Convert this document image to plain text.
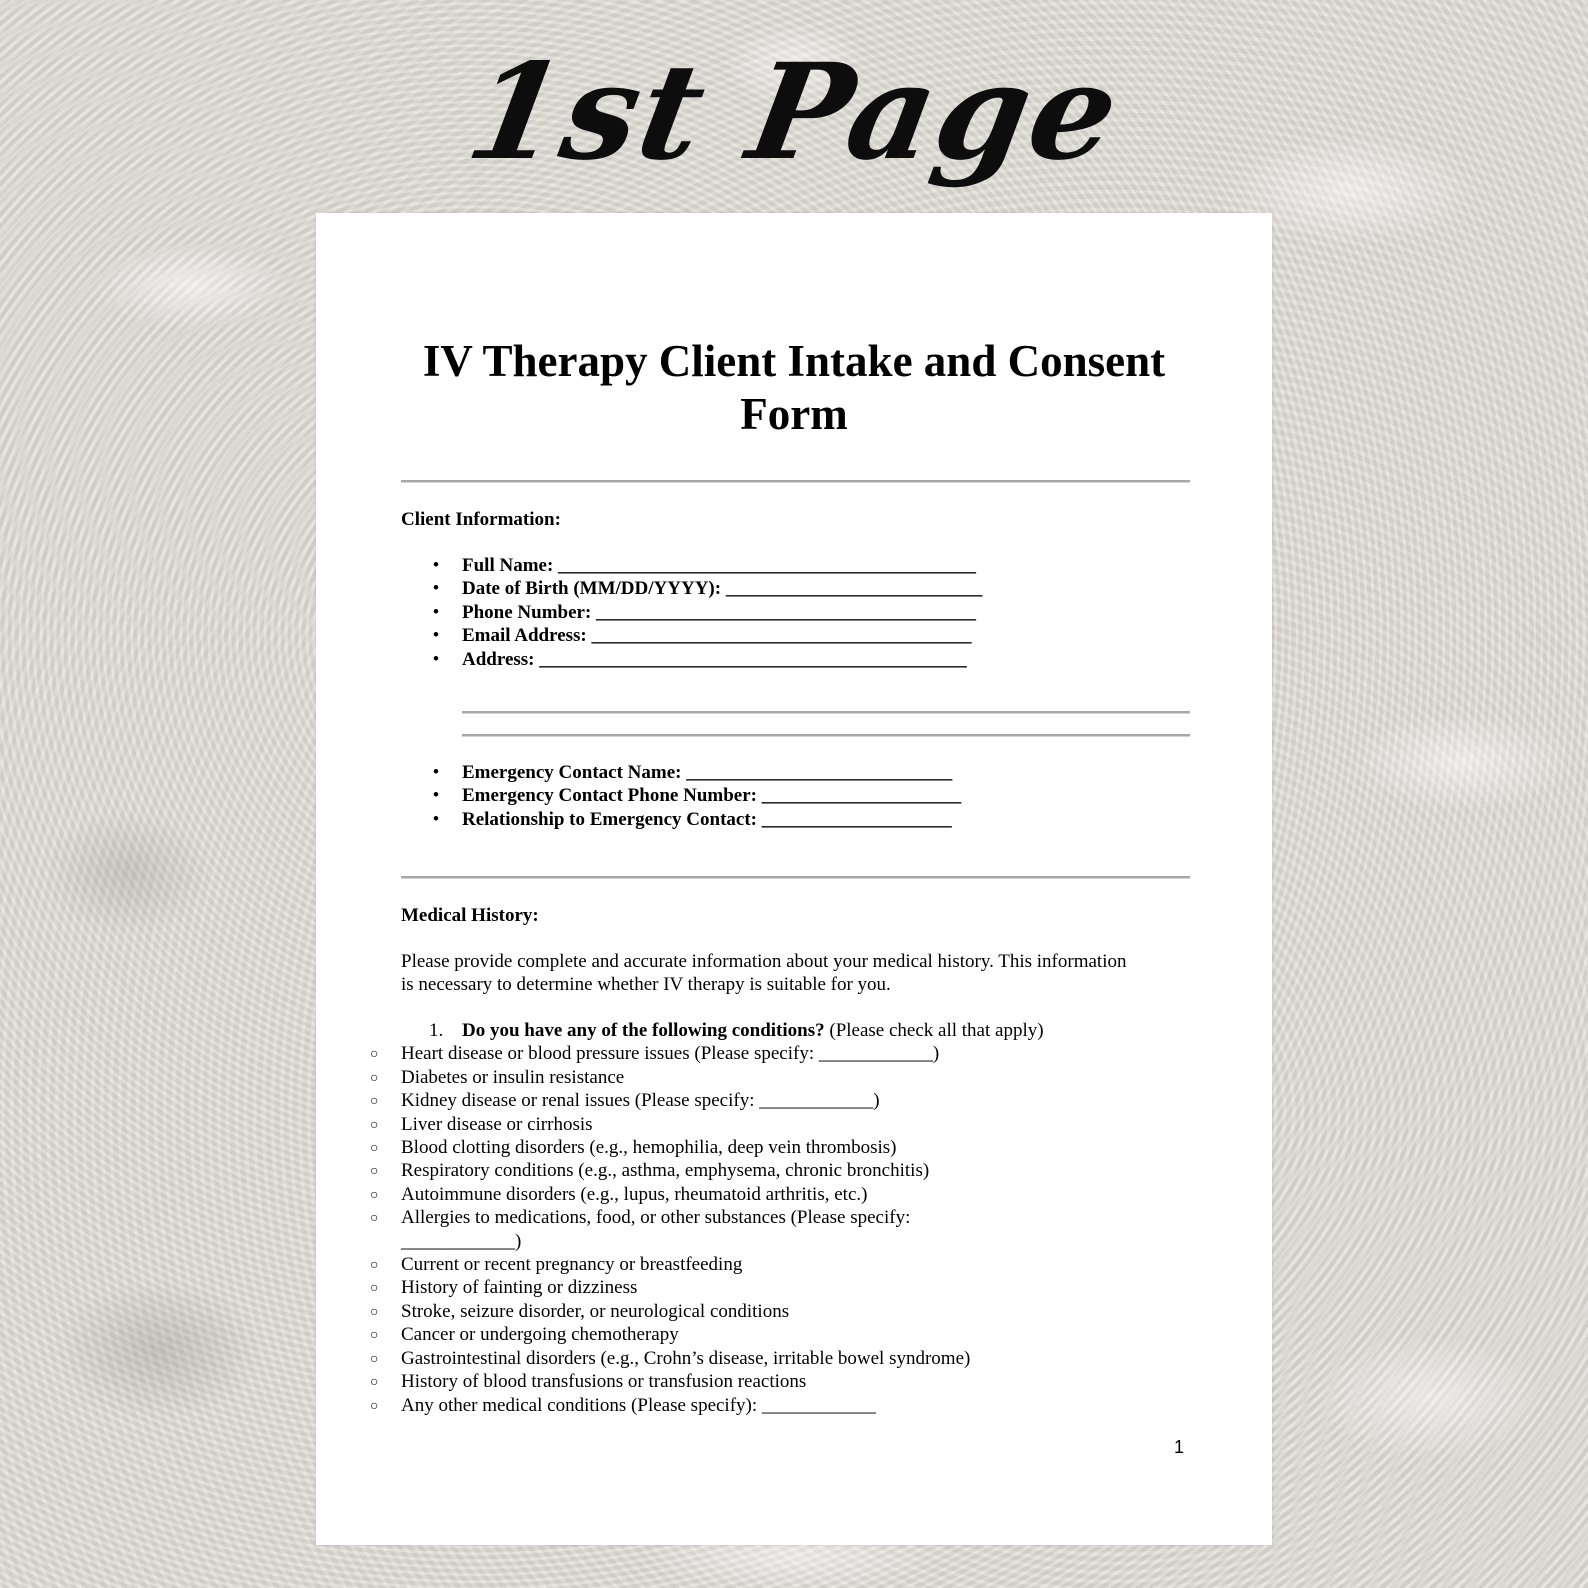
1st Page
IV Therapy Client Intake and Consent
Form
Client Information:
•	Full Name: ____________________________________________
•	Date of Birth (MM/DD/YYYY): ___________________________
•	Phone Number: ________________________________________
•	Email Address: ________________________________________
•	Address: _____________________________________________
•	Emergency Contact Name: ____________________________
•	Emergency Contact Phone Number: _____________________
•	Relationship to Emergency Contact: ____________________
Medical History:
Please provide complete and accurate information about your medical history. This information
is necessary to determine whether IV therapy is suitable for you.
1. Do you have any of the following conditions? (Please check all that apply)
○ Heart disease or blood pressure issues (Please specify: ____________)
○ Diabetes or insulin resistance
○ Kidney disease or renal issues (Please specify: ____________)
○ Liver disease or cirrhosis
○ Blood clotting disorders (e.g., hemophilia, deep vein thrombosis)
○ Respiratory conditions (e.g., asthma, emphysema, chronic bronchitis)
○ Autoimmune disorders (e.g., lupus, rheumatoid arthritis, etc.)
○ Allergies to medications, food, or other substances (Please specify: ____________)
○ Current or recent pregnancy or breastfeeding
○ History of fainting or dizziness
○ Stroke, seizure disorder, or neurological conditions
○ Cancer or undergoing chemotherapy
○ Gastrointestinal disorders (e.g., Crohn’s disease, irritable bowel syndrome)
○ History of blood transfusions or transfusion reactions
○ Any other medical conditions (Please specify): ____________
1
